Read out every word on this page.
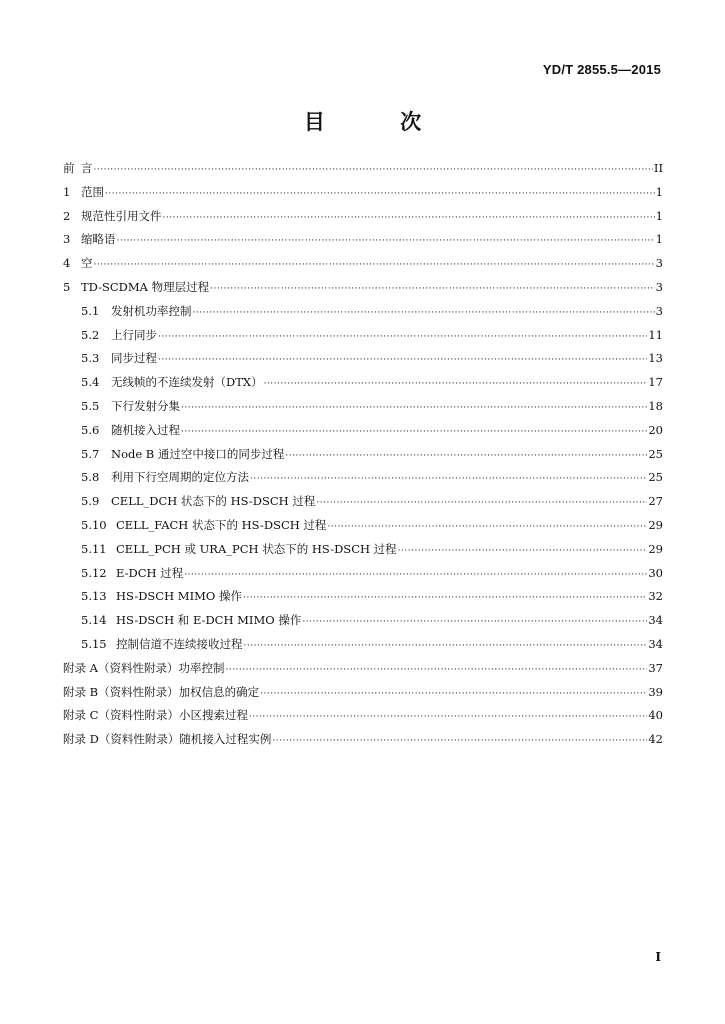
YD/T 2855.5—2015
目 次
前 言 ·····	II
1 范围 ·····	1
2 规范性引用文件 ·····	1
3 缩略语 ·····	1
4 空 ·····	3
5 TD-SCDMA 物理层过程 ·····	3
5.1	发射机功率控制 ·····	3
5.2	上行同步 ·····	11
5.3	同步过程 ·····	13
5.4	无线帧的不连续发射（DTX） ·····	17
5.5	下行发射分集 ·····	18
5.6	随机接入过程 ·····	20
5.7	Node B 通过空中接口的同步过程 ·····	25
5.8	利用下行空周期的定位方法 ·····	25
5.9	CELL_DCH 状态下的 HS-DSCH 过程 ·····	27
5.10 CELL_FACH 状态下的 HS-DSCH 过程 ·····	29
5.11 CELL_PCH 或 URA_PCH 状态下的 HS-DSCH 过程 ·····	29
5.12 E-DCH 过程 ·····	30
5.13 HS-DSCH MIMO 操作 ·····	32
5.14 HS-DSCH 和 E-DCH MIMO 操作 ·····	34
5.15 控制信道不连续接收过程 ·····	34
附录 A（资料性附录）功率控制 ·····	37
附录 B（资料性附录）加权信息的确定 ·····	39
附录 C（资料性附录）小区搜索过程 ·····	40
附录 D（资料性附录）随机接入过程实例 ·····	42
I
